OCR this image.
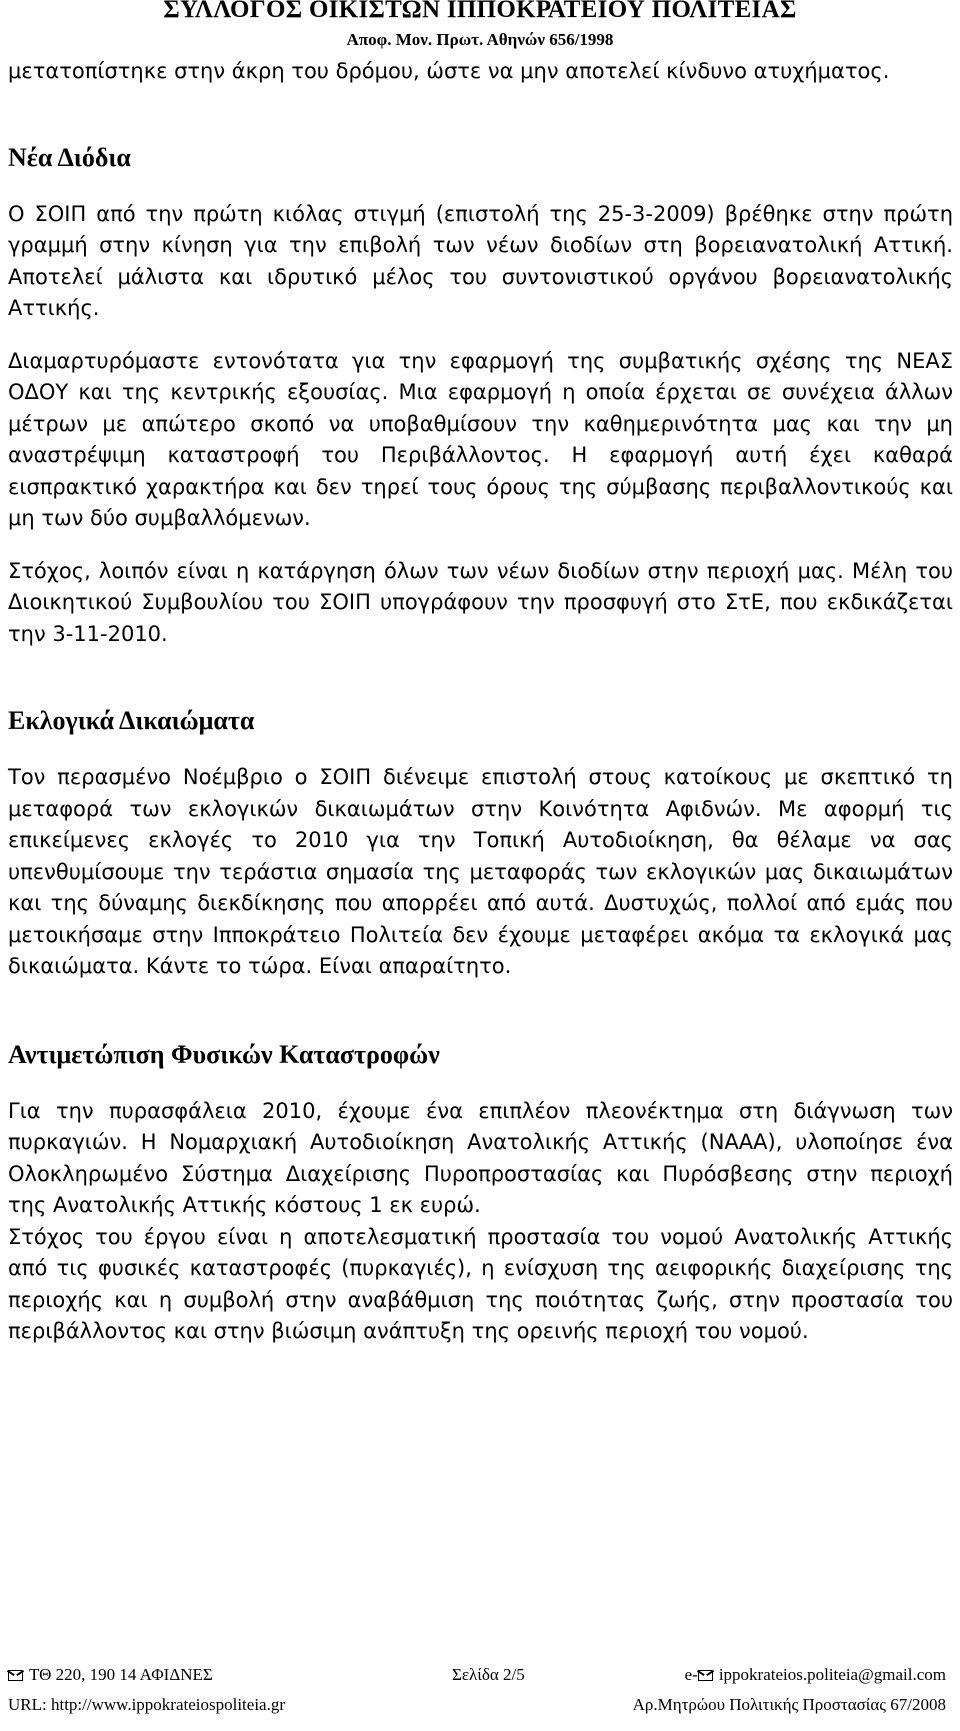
ΣΥΛΛΟΓΟΣ ΟΙΚΙΣΤΩΝ ΙΠΠΟΚΡΑΤΕΙΟΥ ΠΟΛΙΤΕΙΑΣ
Αποφ. Μον. Πρωτ. Αθηνών 656/1998

μετατοπίστηκε στην άκρη του δρόμου, ώστε να μην αποτελεί κίνδυνο ατυχήματος.

Νέα Διόδια

Ο ΣΟΙΠ από την πρώτη κιόλας στιγμή (επιστολή της 25-3-2009) βρέθηκε στην πρώτη γραμμή στην κίνηση για την επιβολή των νέων διοδίων στη βορειανατολική Αττική. Αποτελεί μάλιστα και ιδρυτικό μέλος του συντονιστικού οργάνου βορειανατολικής Αττικής.

Διαμαρτυρόμαστε εντονότατα για την εφαρμογή της συμβατικής σχέσης της ΝΕΑΣ ΟΔΟΥ και της κεντρικής εξουσίας. Μια εφαρμογή η οποία έρχεται σε συνέχεια άλλων μέτρων με απώτερο σκοπό να υποβαθμίσουν την καθημερινότητα μας και την μη αναστρέψιμη καταστροφή του Περιβάλλοντος. Η εφαρμογή αυτή έχει καθαρά εισπρακτικό χαρακτήρα και δεν τηρεί τους όρους της σύμβασης περιβαλλοντικούς και μη των δύο συμβαλλόμενων.

Στόχος, λοιπόν είναι η κατάργηση όλων των νέων διοδίων στην περιοχή μας. Μέλη του Διοικητικού Συμβουλίου του ΣΟΙΠ υπογράφουν την προσφυγή στο ΣτΕ, που εκδικάζεται την 3-11-2010.

Εκλογικά Δικαιώματα

Τον περασμένο Νοέμβριο ο ΣΟΙΠ διένειμε επιστολή στους κατοίκους με σκεπτικό τη μεταφορά των εκλογικών δικαιωμάτων στην Κοινότητα Αφιδνών. Με αφορμή τις επικείμενες εκλογές το 2010 για την Τοπική Αυτοδιοίκηση, θα θέλαμε να σας υπενθυμίσουμε την τεράστια σημασία της μεταφοράς των εκλογικών μας δικαιωμάτων και της δύναμης διεκδίκησης που απορρέει από αυτά. Δυστυχώς, πολλοί από εμάς που μετοικήσαμε στην Ιπποκράτειο Πολιτεία δεν έχουμε μεταφέρει ακόμα τα εκλογικά μας δικαιώματα. Κάντε το τώρα. Είναι απαραίτητο.

Αντιμετώπιση Φυσικών Καταστροφών

Για την πυρασφάλεια 2010, έχουμε ένα επιπλέον πλεονέκτημα στη διάγνωση των πυρκαγιών. Η Νομαρχιακή Αυτοδιοίκηση Ανατολικής Αττικής (ΝΑΑΑ), υλοποίησε ένα Ολοκληρωμένο Σύστημα Διαχείρισης Πυροπροστασίας και Πυρόσβεσης στην περιοχή της Ανατολικής Αττικής κόστους 1 εκ ευρώ.

Στόχος του έργου είναι η αποτελεσματική προστασία του νομού Ανατολικής Αττικής από τις φυσικές καταστροφές (πυρκαγιές), η ενίσχυση της αειφορικής διαχείρισης της περιοχής και η συμβολή στην αναβάθμιση της ποιότητας ζωής, στην προστασία του περιβάλλοντος και στην βιώσιμη ανάπτυξη της ορεινής περιοχή του νομού.

ΤΘ 220, 190 14 ΑΦΙΔΝΕΣ	Σελίδα 2/5	e- ippokrateios.politeia@gmail.com
URL: http://www.ippokrateiospoliteia.gr	Αρ.Μητρώου Πολιτικής Προστασίας 67/2008
